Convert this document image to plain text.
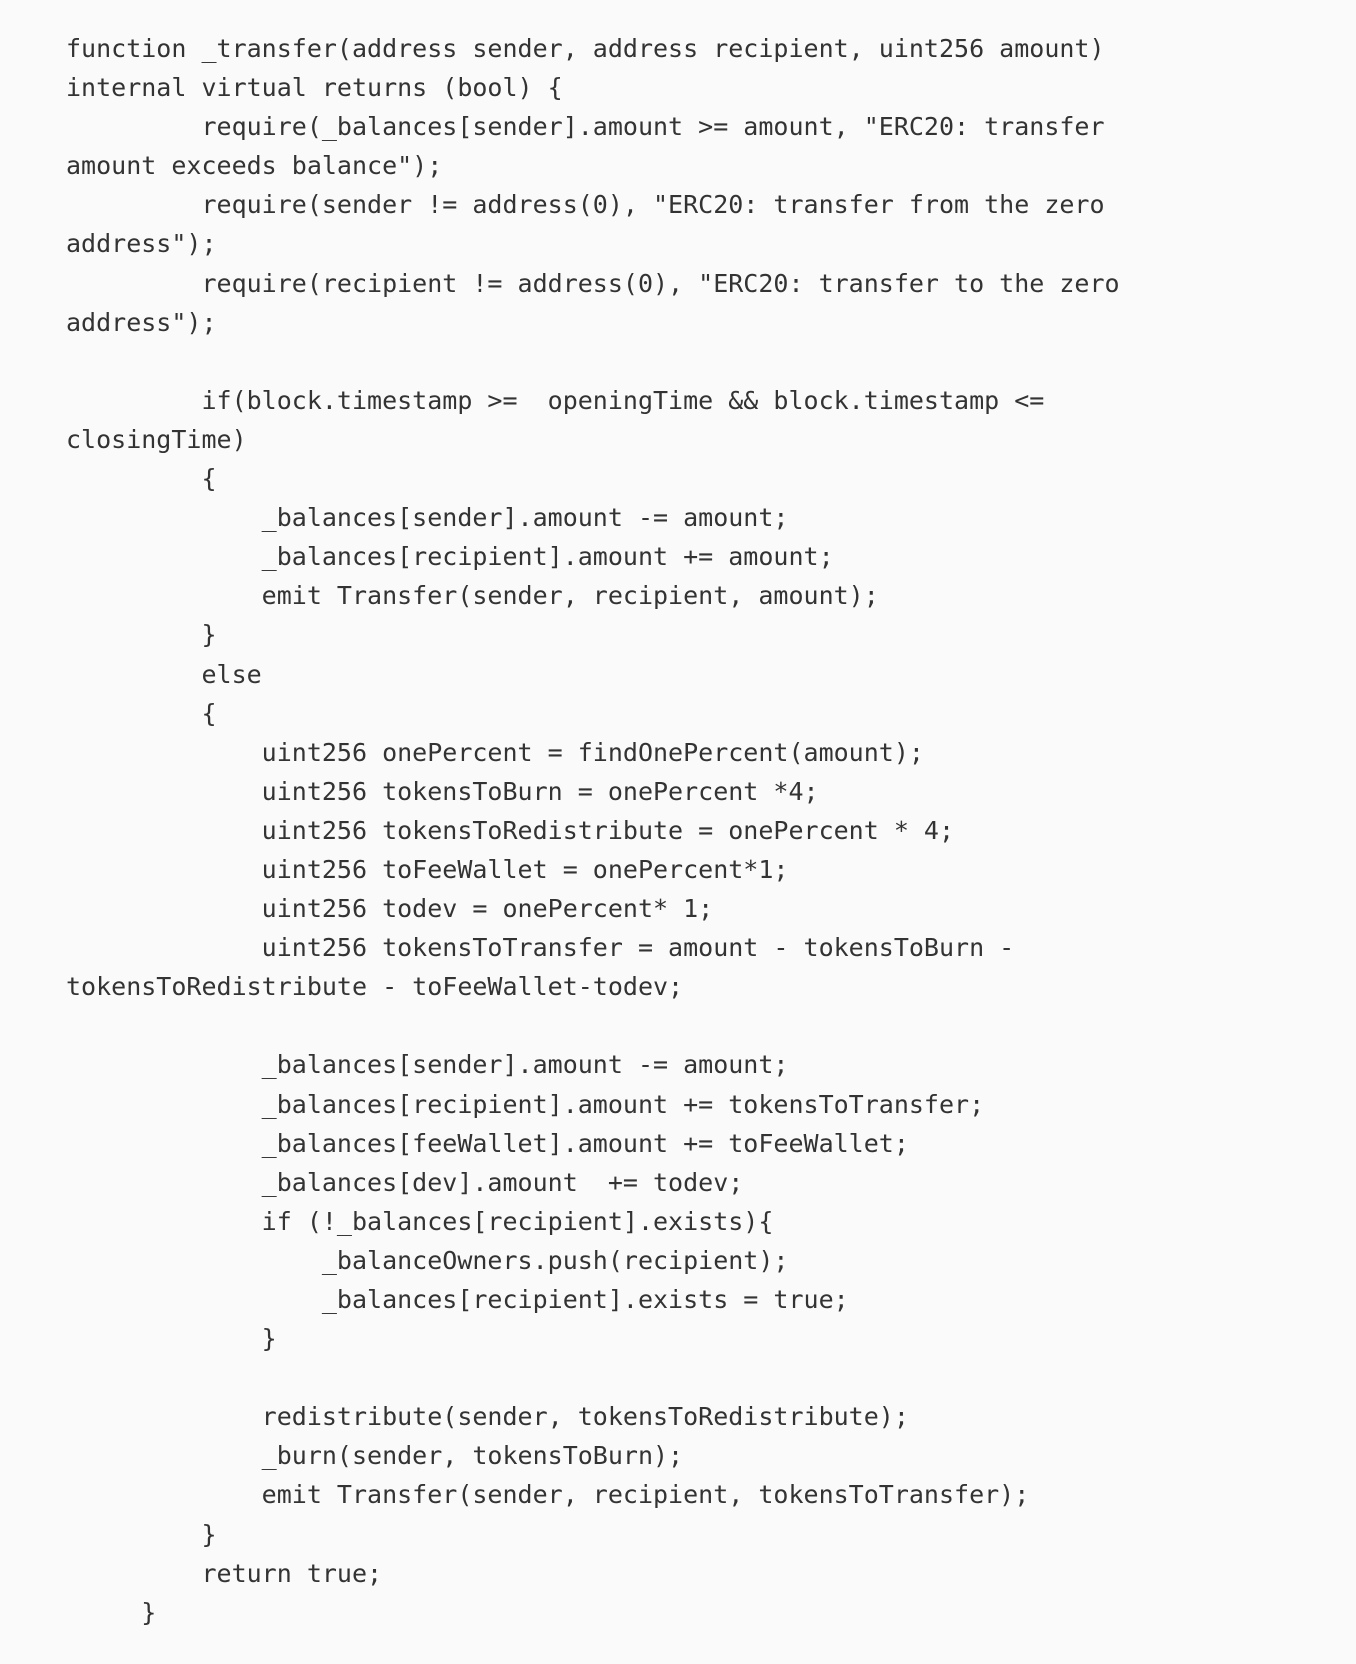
function _transfer(address sender, address recipient, uint256 amount)
internal virtual returns (bool) {
require(_balances[sender].amount >= amount, "ERC20: transfer
amount exceeds balance");
require(sender != address(0), "ERC20: transfer from the zero
address");
require(recipient != address(0), "ERC20: transfer to the zero
address");
if(block.timestamp >=  openingTime && block.timestamp <=
closingTime)
{
_balances[sender].amount -= amount;
_balances[recipient].amount += amount;
emit Transfer(sender, recipient, amount);
}
else
{
uint256 onePercent = findOnePercent(amount);
uint256 tokensToBurn = onePercent *4;
uint256 tokensToRedistribute = onePercent * 4;
uint256 toFeeWallet = onePercent*1;
uint256 todev = onePercent* 1;
uint256 tokensToTransfer = amount - tokensToBurn -
tokensToRedistribute - toFeeWallet-todev;
_balances[sender].amount -= amount;
_balances[recipient].amount += tokensToTransfer;
_balances[feeWallet].amount += toFeeWallet;
_balances[dev].amount  += todev;
if (!_balances[recipient].exists){
_balanceOwners.push(recipient);
_balances[recipient].exists = true;
}
redistribute(sender, tokensToRedistribute);
_burn(sender, tokensToBurn);
emit Transfer(sender, recipient, tokensToTransfer);
}
return true;
}
